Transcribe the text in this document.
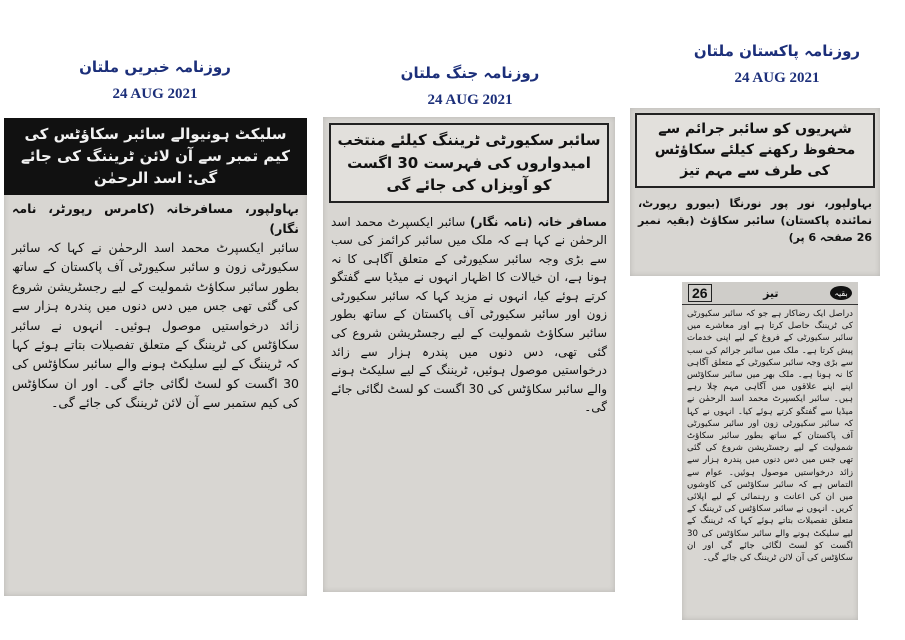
روزنامہ خبریں ملتان
24 AUG 2021
روزنامہ جنگ ملتان
24 AUG 2021
روزنامہ پاکستان ملتان
24 AUG 2021
سلیکٹ ہونیوالے سائبر سکاؤٹس کی کیم تمبر سے آن لائن ٹریننگ کی جائے گی: اسد الرحمٰن

بہاولپور، مسافرخانہ (کامرس رپورٹر، نامہ نگار)

سائبر ایکسپرٹ محمد اسد الرحمٰن نے کہا کہ سائبر سکیورٹی زون و سائبر سکیورٹی آف پاکستان کے ساتھ بطور سائبر سکاؤٹ شمولیت کے لیے رجسٹریشن شروع کی گئی تھی جس میں دس دنوں میں پندرہ ہزار سے زائد درخواستیں موصول ہوئیں۔ انہوں نے سائبر سکاؤٹس کی ٹریننگ کے متعلق تفصیلات بتاتے ہوئے کہا کہ ٹریننگ کے لیے سلیکٹ ہونے والے سائبر سکاؤٹس کی 30 اگست کو لسٹ لگائی جائے گی۔ اور ان سکاؤٹس کی کیم ستمبر سے آن لائن ٹریننگ کی جائے گی۔

سائبر سکیورٹی ٹریننگ کیلئے منتخب امیدواروں کی فہرست 30 اگست کو آویزاں کی جائے گی

مسافر خانہ (نامہ نگار) سائبر ایکسپرٹ محمد اسد الرحمٰن نے کہا ہے کہ ملک میں سائبر کرائمز کی سب سے بڑی وجہ سائبر سکیورٹی کے متعلق آگاہی کا نہ ہونا ہے، ان خیالات کا اظہار انہوں نے میڈیا سے گفتگو کرتے ہوئے کیا، انہوں نے مزید کہا کہ سائبر سکیورٹی زون اور سائبر سکیورٹی آف پاکستان کے ساتھ بطور سائبر سکاؤٹ شمولیت کے لیے رجسٹریشن شروع کی گئی تھی، دس دنوں میں پندرہ ہزار سے زائد درخواستیں موصول ہوئیں، ٹریننگ کے لیے سلیکٹ ہونے والے سائبر سکاؤٹس کی 30 اگست کو لسٹ لگائی جائے گی۔

شہریوں کو سائبر جرائم سے محفوظ رکھنے کیلئے سکاؤٹس کی طرف سے مہم تیز

بہاولپور، نور پور نورنگا (بیورو رپورٹ، نمائندہ پاکستان) سائبر سکاؤٹ (بقیہ نمبر 26 صفحہ 6 پر)

بقیہ
تیز
26

دراصل ایک رضاکار ہے جو کہ سائبر سکیورٹی کی ٹریننگ حاصل کرتا ہے اور معاشرے میں سائبر سکیورٹی کے فروغ کے لیے اپنی خدمات پیش کرتا ہے۔ ملک میں سائبر جرائم کی سب سے بڑی وجہ سائبر سکیورٹی کے متعلق آگاہی کا نہ ہونا ہے۔ ملک بھر میں سائبر سکاؤٹس اپنے اپنے علاقوں میں آگاہی مہم چلا رہے ہیں۔ سائبر ایکسپرٹ محمد اسد الرحمٰن نے میڈیا سے گفتگو کرتے ہوئے کیا۔ انہوں نے کہا کہ سائبر سکیورٹی زون اور سائبر سکیورٹی آف پاکستان کے ساتھ بطور سائبر سکاؤٹ شمولیت کے لیے رجسٹریشن شروع کی گئی تھی جس میں دس دنوں میں پندرہ ہزار سے زائد درخواستیں موصول ہوئیں۔ عوام سے التماس ہے کہ سائبر سکاؤٹس کی کاوشوں میں ان کی اعانت و رہنمائی کے لیے اپلائی کریں۔ انہوں نے سائبر سکاؤٹس کی ٹریننگ کے متعلق تفصیلات بتاتے ہوئے کہا کہ ٹریننگ کے لیے سلیکٹ ہونے والے سائبر سکاؤٹس کی 30 اگست کو لسٹ لگائی جائے گی اور ان سکاؤٹس کی آن لائن ٹریننگ کی جائے گی۔
